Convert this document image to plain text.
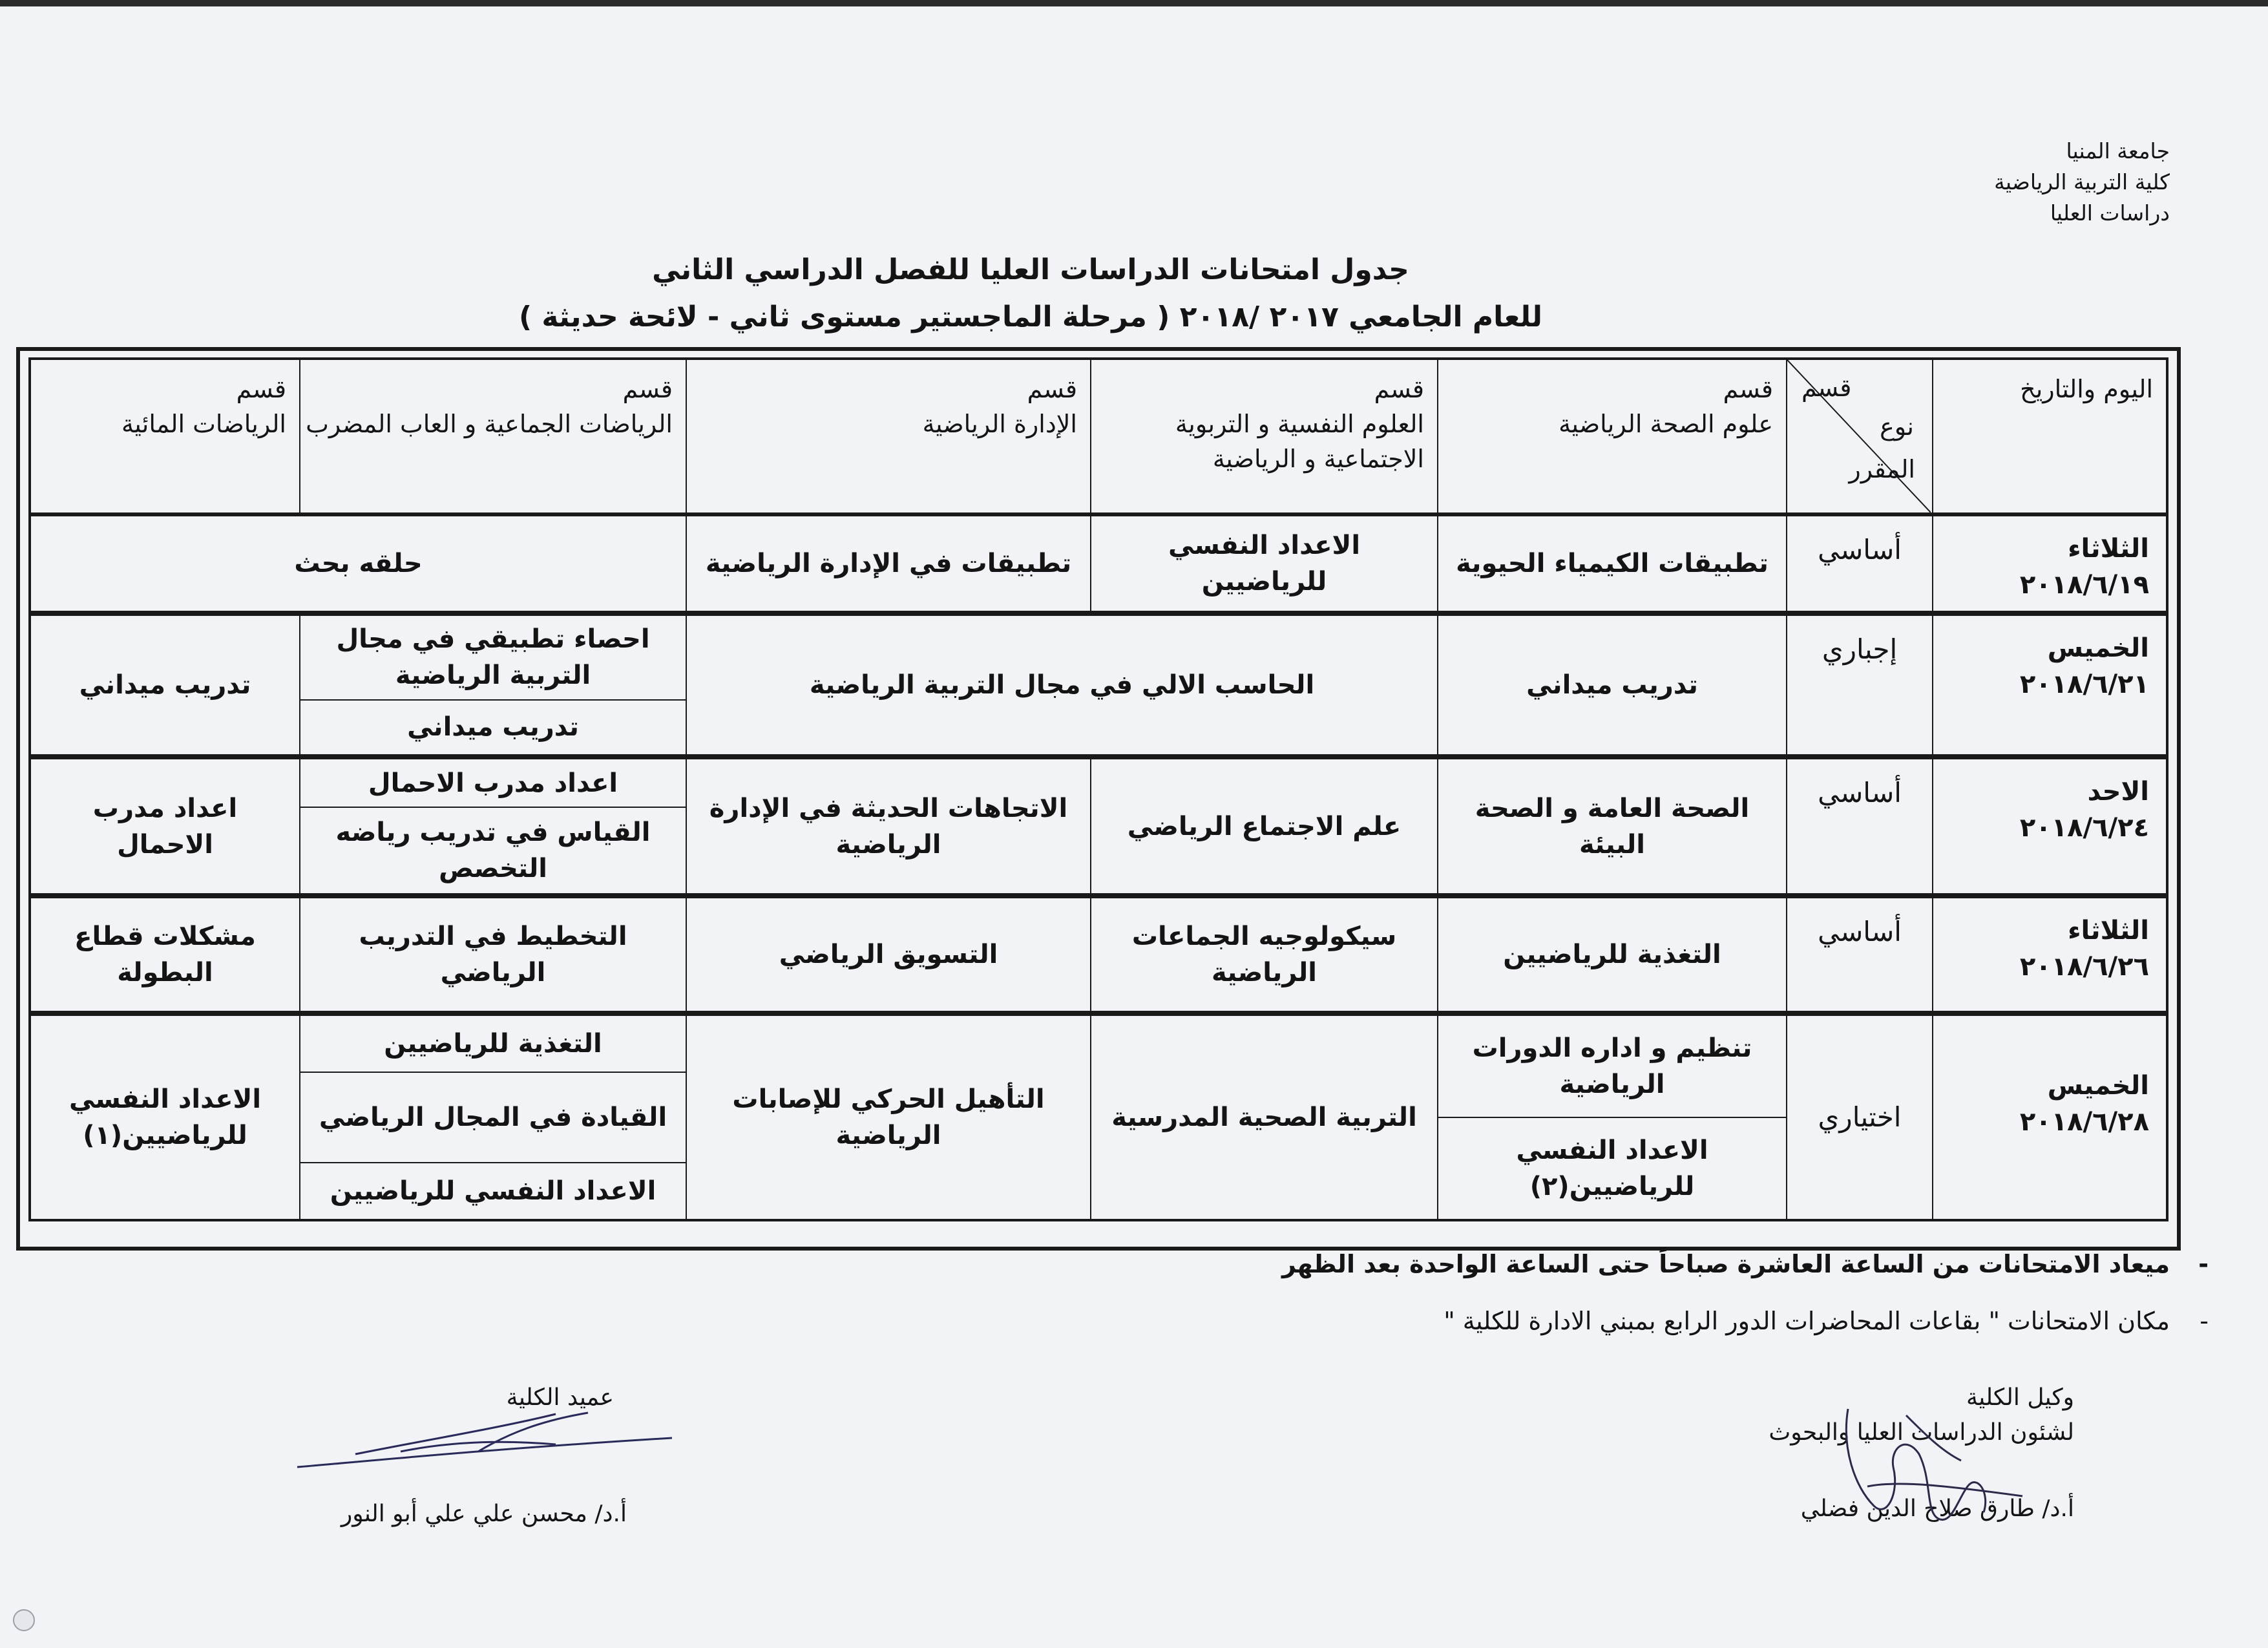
جامعة المنيا
كلية التربية الرياضية
دراسات العليا
جدول امتحانات الدراسات العليا للفصل الدراسي الثاني
للعام الجامعي ٢٠١٧ /٢٠١٨ ( مرحلة الماجستير مستوى ثاني - لائحة حديثة )
اليوم والتاريخ
قسم
نوع
المقرر
قسم
علوم الصحة الرياضية
قسم
العلوم النفسية و التربوية الاجتماعية و الرياضية
قسم
الإدارة الرياضية
قسم
الرياضات الجماعية و العاب المضرب
قسم
الرياضات المائية
الثلاثاء
٢٠١٨/٦/١٩
أساسي
تطبيقات الكيمياء الحيوية
الاعداد النفسي للرياضيين
تطبيقات في الإدارة الرياضية
حلقه بحث
الخميس
٢٠١٨/٦/٢١
إجباري
تدريب ميداني
الحاسب الالي في مجال التربية الرياضية
احصاء تطبيقي في مجال التربية الرياضية
تدريب ميداني
تدريب ميداني
الاحد
٢٠١٨/٦/٢٤
أساسي
الصحة العامة و الصحة البيئة
علم الاجتماع الرياضي
الاتجاهات الحديثة في الإدارة الرياضية
اعداد مدرب الاحمال
القياس في تدريب رياضه التخصص
اعداد مدرب الاحمال
الثلاثاء
٢٠١٨/٦/٢٦
أساسي
التغذية للرياضيين
سيكولوجيه الجماعات الرياضية
التسويق الرياضي
التخطيط في التدريب الرياضي
مشكلات قطاع البطولة
الخميس
٢٠١٨/٦/٢٨
اختياري
تنظيم و اداره الدورات الرياضية
الاعداد النفسي للرياضيين(٢)
التربية الصحية المدرسية
التأهيل الحركي للإصابات الرياضية
التغذية للرياضيين
القيادة في المجال الرياضي
الاعداد النفسي للرياضيين
الاعداد النفسي للرياضيين(١)
-ميعاد الامتحانات من الساعة العاشرة صباحاً حتى الساعة الواحدة بعد الظهر
-مكان الامتحانات " بقاعات المحاضرات الدور الرابع بمبني الادارة للكلية "
وكيل الكلية
لشئون الدراسات العليا والبحوث
أ.د/ طارق صلاح الدين فضلي
عميد الكلية
أ.د/ محسن علي علي أبو النور
